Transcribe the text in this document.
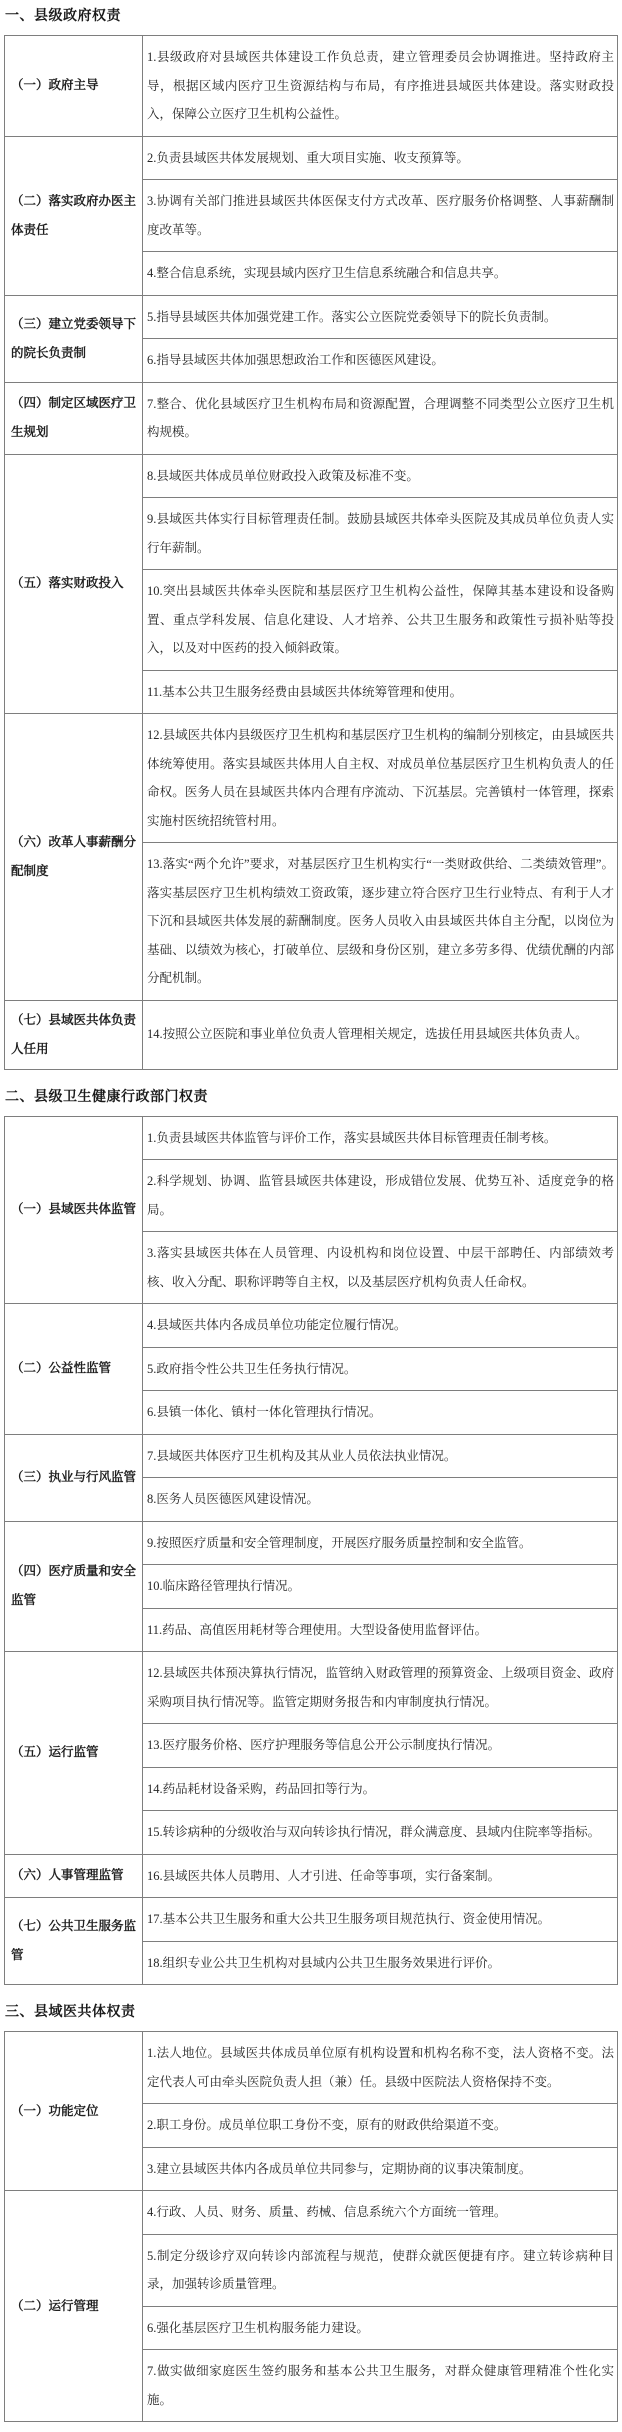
一、县级政府权责
（一）政府主导	1.县级政府对县域医共体建设工作负总责，建立管理委员会协调推进。坚持政府主导，根据区域内医疗卫生资源结构与布局，有序推进县域医共体建设。落实财政投入，保障公立医疗卫生机构公益性。
（二）落实政府办医主体责任	2.负责县域医共体发展规划、重大项目实施、收支预算等。
	3.协调有关部门推进县域医共体医保支付方式改革、医疗服务价格调整、人事薪酬制度改革等。
	4.整合信息系统，实现县域内医疗卫生信息系统融合和信息共享。
（三）建立党委领导下的院长负责制	5.指导县域医共体加强党建工作。落实公立医院党委领导下的院长负责制。
	6.指导县域医共体加强思想政治工作和医德医风建设。
（四）制定区域医疗卫生规划	7.整合、优化县域医疗卫生机构布局和资源配置，合理调整不同类型公立医疗卫生机构规模。
（五）落实财政投入	8.县域医共体成员单位财政投入政策及标准不变。
	9.县域医共体实行目标管理责任制。鼓励县域医共体牵头医院及其成员单位负责人实行年薪制。
	10.突出县域医共体牵头医院和基层医疗卫生机构公益性，保障其基本建设和设备购置、重点学科发展、信息化建设、人才培养、公共卫生服务和政策性亏损补贴等投入，以及对中医药的投入倾斜政策。
	11.基本公共卫生服务经费由县域医共体统筹管理和使用。
（六）改革人事薪酬分配制度	12.县域医共体内县级医疗卫生机构和基层医疗卫生机构的编制分别核定，由县域医共体统筹使用。落实县域医共体用人自主权、对成员单位基层医疗卫生机构负责人的任命权。医务人员在县域医共体内合理有序流动、下沉基层。完善镇村一体管理，探索实施村医统招统管村用。
	13.落实“两个允许”要求，对基层医疗卫生机构实行“一类财政供给、二类绩效管理”。落实基层医疗卫生机构绩效工资政策，逐步建立符合医疗卫生行业特点、有利于人才下沉和县域医共体发展的薪酬制度。医务人员收入由县域医共体自主分配，以岗位为基础、以绩效为核心，打破单位、层级和身份区别，建立多劳多得、优绩优酬的内部分配机制。
（七）县域医共体负责人任用	14.按照公立医院和事业单位负责人管理相关规定，选拔任用县域医共体负责人。
二、县级卫生健康行政部门权责
（一）县域医共体监管	1.负责县域医共体监管与评价工作，落实县域医共体目标管理责任制考核。
	2.科学规划、协调、监管县域医共体建设，形成错位发展、优势互补、适度竞争的格局。
	3.落实县域医共体在人员管理、内设机构和岗位设置、中层干部聘任、内部绩效考核、收入分配、职称评聘等自主权，以及基层医疗机构负责人任命权。
（二）公益性监管	4.县域医共体内各成员单位功能定位履行情况。
	5.政府指令性公共卫生任务执行情况。
	6.县镇一体化、镇村一体化管理执行情况。
（三）执业与行风监管	7.县域医共体医疗卫生机构及其从业人员依法执业情况。
	8.医务人员医德医风建设情况。
（四）医疗质量和安全监管	9.按照医疗质量和安全管理制度，开展医疗服务质量控制和安全监管。
	10.临床路径管理执行情况。
	11.药品、高值医用耗材等合理使用。大型设备使用监督评估。
（五）运行监管	12.县域医共体预决算执行情况，监管纳入财政管理的预算资金、上级项目资金、政府采购项目执行情况等。监管定期财务报告和内审制度执行情况。
	13.医疗服务价格、医疗护理服务等信息公开公示制度执行情况。
	14.药品耗材设备采购，药品回扣等行为。
	15.转诊病种的分级收治与双向转诊执行情况，群众满意度、县域内住院率等指标。
（六）人事管理监管	16.县域医共体人员聘用、人才引进、任命等事项，实行备案制。
（七）公共卫生服务监管	17.基本公共卫生服务和重大公共卫生服务项目规范执行、资金使用情况。
	18.组织专业公共卫生机构对县域内公共卫生服务效果进行评价。
三、县域医共体权责
（一）功能定位	1.法人地位。县域医共体成员单位原有机构设置和机构名称不变，法人资格不变。法定代表人可由牵头医院负责人担（兼）任。县级中医院法人资格保持不变。
	2.职工身份。成员单位职工身份不变，原有的财政供给渠道不变。
	3.建立县域医共体内各成员单位共同参与，定期协商的议事决策制度。
（二）运行管理	4.行政、人员、财务、质量、药械、信息系统六个方面统一管理。
	5.制定分级诊疗双向转诊内部流程与规范，使群众就医便捷有序。建立转诊病种目录，加强转诊质量管理。
	6.强化基层医疗卫生机构服务能力建设。
	7.做实做细家庭医生签约服务和基本公共卫生服务，对群众健康管理精准个性化实施。
